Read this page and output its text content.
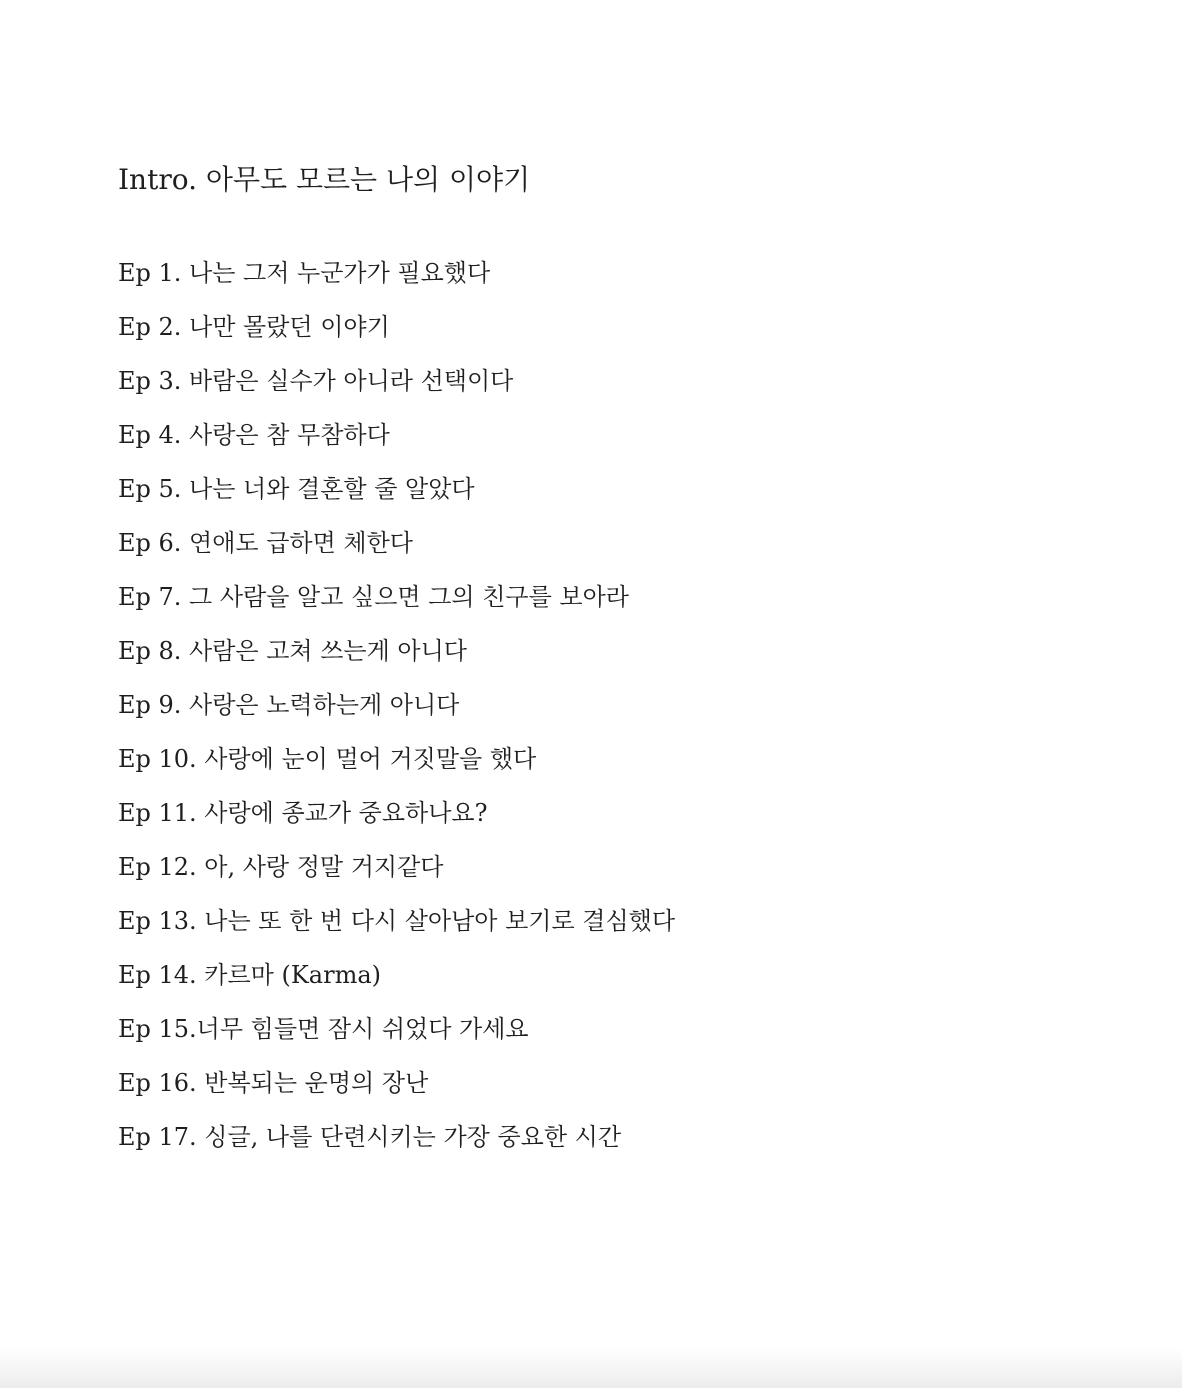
Intro. 아무도 모르는 나의 이야기
Ep 1. 나는 그저 누군가가 필요했다
Ep 2. 나만 몰랐던 이야기
Ep 3. 바람은 실수가 아니라 선택이다
Ep 4. 사랑은 참 무참하다
Ep 5. 나는 너와 결혼할 줄 알았다
Ep 6. 연애도 급하면 체한다
Ep 7. 그 사람을 알고 싶으면 그의 친구를 보아라
Ep 8. 사람은 고쳐 쓰는게 아니다
Ep 9. 사랑은 노력하는게 아니다
Ep 10. 사랑에 눈이 멀어 거짓말을 했다
Ep 11. 사랑에 종교가 중요하나요?
Ep 12. 아, 사랑 정말 거지같다
Ep 13. 나는 또 한 번 다시 살아남아 보기로 결심했다
Ep 14. 카르마 (Karma)
Ep 15.너무 힘들면 잠시 쉬었다 가세요
Ep 16. 반복되는 운명의 장난
Ep 17. 싱글, 나를 단련시키는 가장 중요한 시간
